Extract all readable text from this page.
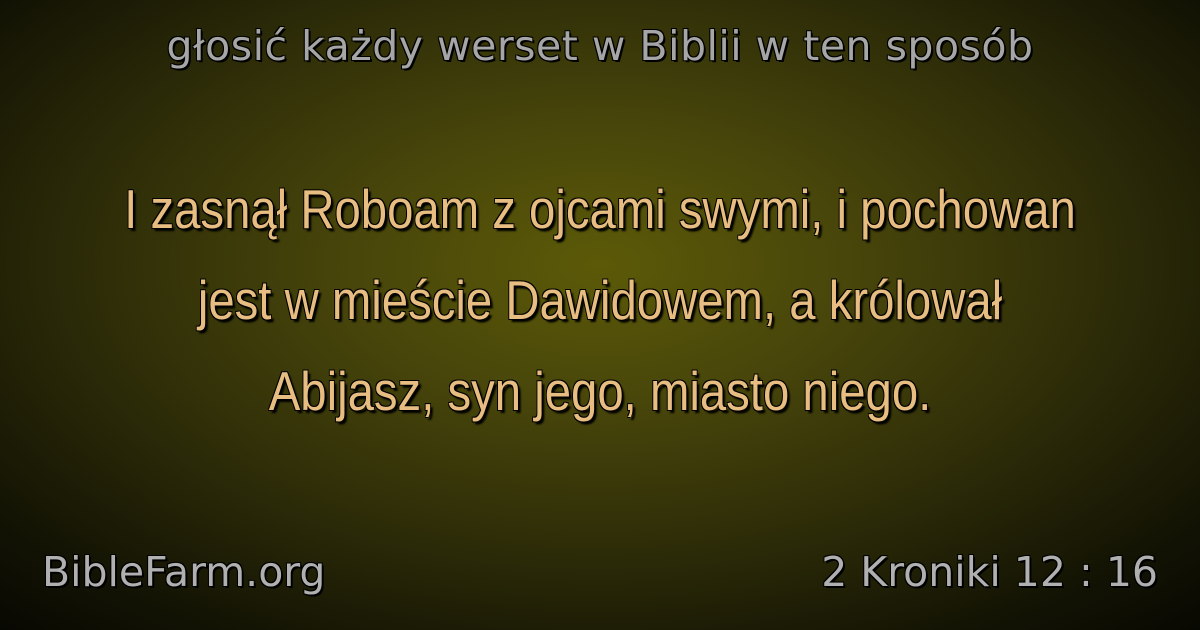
głosić każdy werset w Biblii w ten sposób
I zasnął Roboam z ojcami swymi, i pochowan jest w mieście Dawidowem, a królował Abijasz, syn jego, miasto niego.
BibleFarm.org	2 Kroniki 12 : 16
